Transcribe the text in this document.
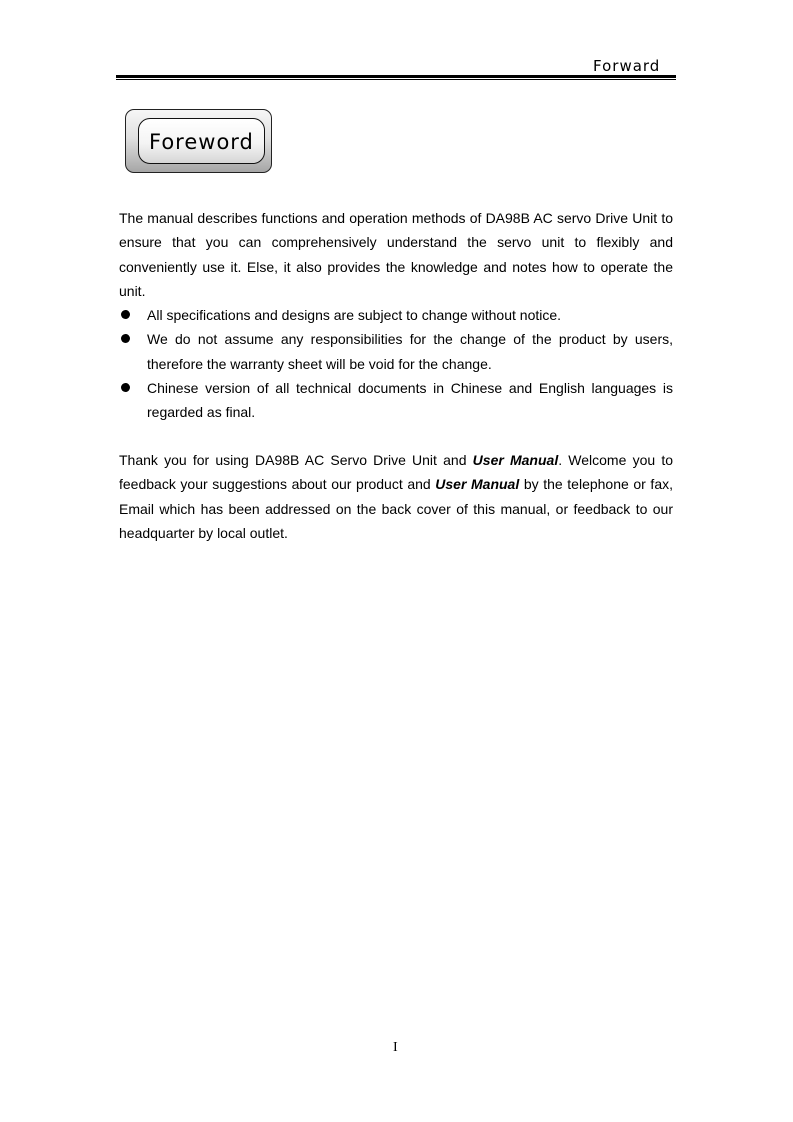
Forward
Foreword

The manual describes functions and operation methods of DA98B AC servo Drive Unit to ensure that you can comprehensively understand the servo unit to flexibly and conveniently use it. Else, it also provides the knowledge and notes how to operate the unit.

All specifications and designs are subject to change without notice.
We do not assume any responsibilities for the change of the product by users, therefore the warranty sheet will be void for the change.
Chinese version of all technical documents in Chinese and English languages is regarded as final.

Thank you for using DA98B AC Servo Drive Unit and User Manual. Welcome you to feedback your suggestions about our product and User Manual by the telephone or fax, Email which has been addressed on the back cover of this manual, or feedback to our headquarter by local outlet.

I
